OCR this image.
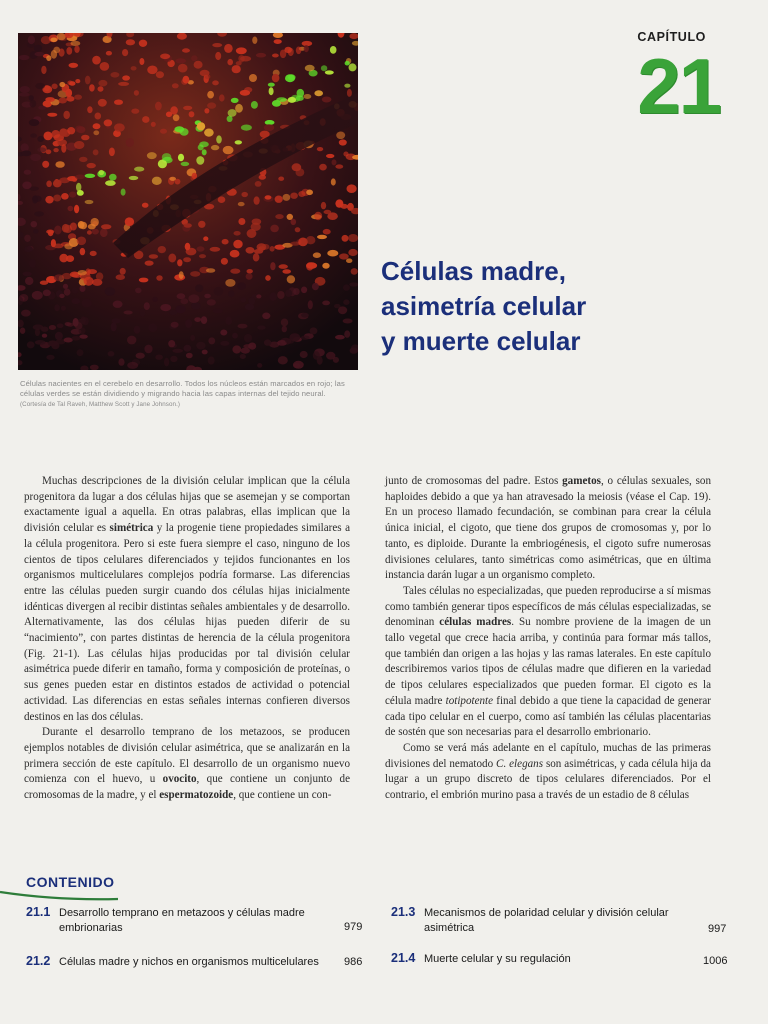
Células nacientes en el cerebelo en desarrollo. Todos los núcleos están marcados en rojo; las células verdes se están dividiendo y migrando hacia las capas internas del tejido neural. (Cortesía de Tal Raveh, Matthew Scott y Jane Johnson.)
CAPÍTULO
21
Células madre,
asimetría celular
y muerte celular

Muchas descripciones de la división celular implican que la célula progenitora da lugar a dos células hijas que se asemejan y se comportan exactamente igual a aquella. En otras palabras, ellas implican que la división celular es simétrica y la progenie tiene propiedades similares a la célula progenitora. Pero si este fuera siempre el caso, ninguno de los cientos de tipos celulares diferenciados y tejidos funcionantes en los organismos multicelulares complejos podría formarse. Las diferencias entre las células pueden surgir cuando dos células hijas inicialmente idénticas divergen al recibir distintas señales ambientales y de desarrollo. Alternativamente, las dos células hijas pueden diferir de su “nacimiento”, con partes distintas de herencia de la célula progenitora (Fig. 21-1). Las células hijas producidas por tal división celular asimétrica puede diferir en tamaño, forma y composición de proteínas, o sus genes pueden estar en distintos estados de actividad o potencial actividad. Las diferencias en estas señales internas confieren diversos destinos en las dos células.

Durante el desarrollo temprano de los metazoos, se producen ejemplos notables de división celular asimétrica, que se analizarán en la primera sección de este capítulo. El desarrollo de un organismo nuevo comienza con el huevo, u ovocito, que contiene un conjunto de cromosomas de la madre, y el espermatozoide, que contiene un con-

junto de cromosomas del padre. Estos gametos, o células sexuales, son haploides debido a que ya han atravesado la meiosis (véase el Cap. 19). En un proceso llamado fecundación, se combinan para crear la célula única inicial, el cigoto, que tiene dos grupos de cromosomas y, por lo tanto, es diploide. Durante la embriogénesis, el cigoto sufre numerosas divisiones celulares, tanto simétricas como asimétricas, que en última instancia darán lugar a un organismo completo.

Tales células no especializadas, que pueden reproducirse a sí mismas como también generar tipos específicos de más células especializadas, se denominan células madres. Su nombre proviene de la imagen de un tallo vegetal que crece hacia arriba, y continúa para formar más tallos, que también dan origen a las hojas y las ramas laterales. En este capítulo describiremos varios tipos de células madre que difieren en la variedad de tipos celulares especializados que pueden formar. El cigoto es la célula madre totipotente final debido a que tiene la capacidad de generar cada tipo celular en el cuerpo, como así también las células placentarias de sostén que son necesarias para el desarrollo embrionario.

Como se verá más adelante en el capítulo, muchas de las primeras divisiones del nematodo C. elegans son asimétricas, y cada célula hija da lugar a un grupo discreto de tipos celulares diferenciados. Por el contrario, el embrión murino pasa a través de un estadio de 8 células

CONTENIDO
21.1 Desarrollo temprano en metazoos y células madre embrionarias	979
21.2 Células madre y nichos en organismos multicelulares	986
21.3 Mecanismos de polaridad celular y división celular asimétrica	997
21.4 Muerte celular y su regulación	1006
